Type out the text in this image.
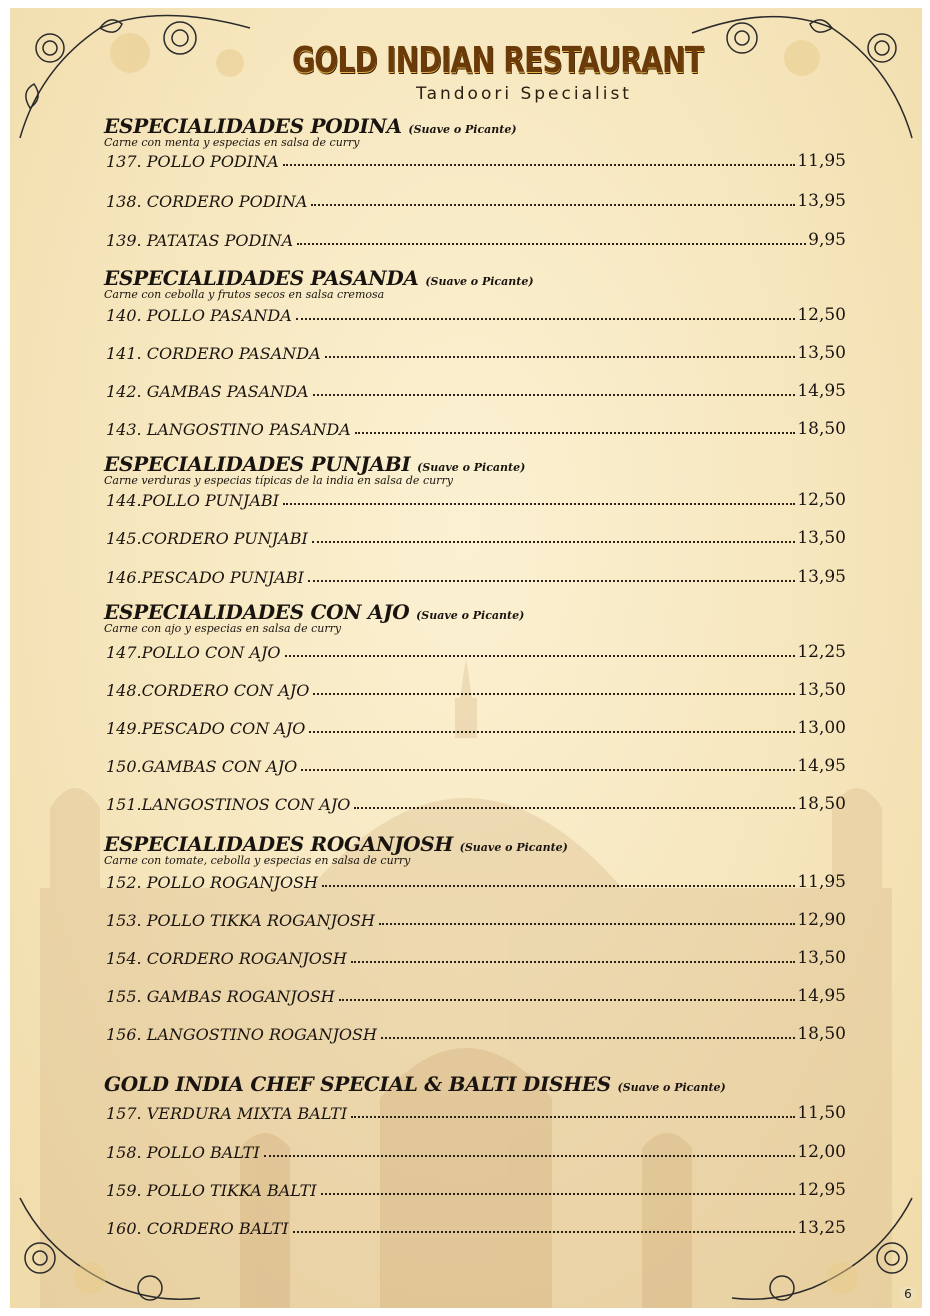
GOLD INDIAN RESTAURANT
Tandoori Specialist
ESPECIALIDADES PODINA (Suave o Picante)
Carne con menta y especias en salsa de curry
137. POLLO PODINA	11,95
138. CORDERO PODINA	13,95
139. PATATAS PODINA	9,95
ESPECIALIDADES PASANDA (Suave o Picante)
Carne con cebolla y frutos secos en salsa cremosa
140. POLLO PASANDA	12,50
141. CORDERO PASANDA	13,50
142. GAMBAS PASANDA	14,95
143. LANGOSTINO PASANDA	18,50
ESPECIALIDADES PUNJABI (Suave o Picante)
Carne verduras y especias típicas de la india en salsa de curry
144.POLLO PUNJABI	12,50
145.CORDERO PUNJABI	13,50
146.PESCADO PUNJABI	13,95
ESPECIALIDADES CON AJO (Suave o Picante)
Carne con ajo y especias en salsa de curry
147.POLLO CON AJO	12,25
148.CORDERO CON AJO	13,50
149.PESCADO CON AJO	13,00
150.GAMBAS CON AJO	14,95
151.LANGOSTINOS CON AJO	18,50
ESPECIALIDADES ROGANJOSH (Suave o Picante)
Carne con tomate, cebolla y especias en salsa de curry
152. POLLO ROGANJOSH	11,95
153. POLLO TIKKA ROGANJOSH	12,90
154. CORDERO ROGANJOSH	13,50
155. GAMBAS ROGANJOSH	14,95
156. LANGOSTINO ROGANJOSH	18,50
GOLD INDIA CHEF SPECIAL & BALTI DISHES (Suave o Picante)
157. VERDURA MIXTA BALTI	11,50
158. POLLO BALTI	12,00
159. POLLO TIKKA BALTI	12,95
160. CORDERO BALTI	13,25
6
